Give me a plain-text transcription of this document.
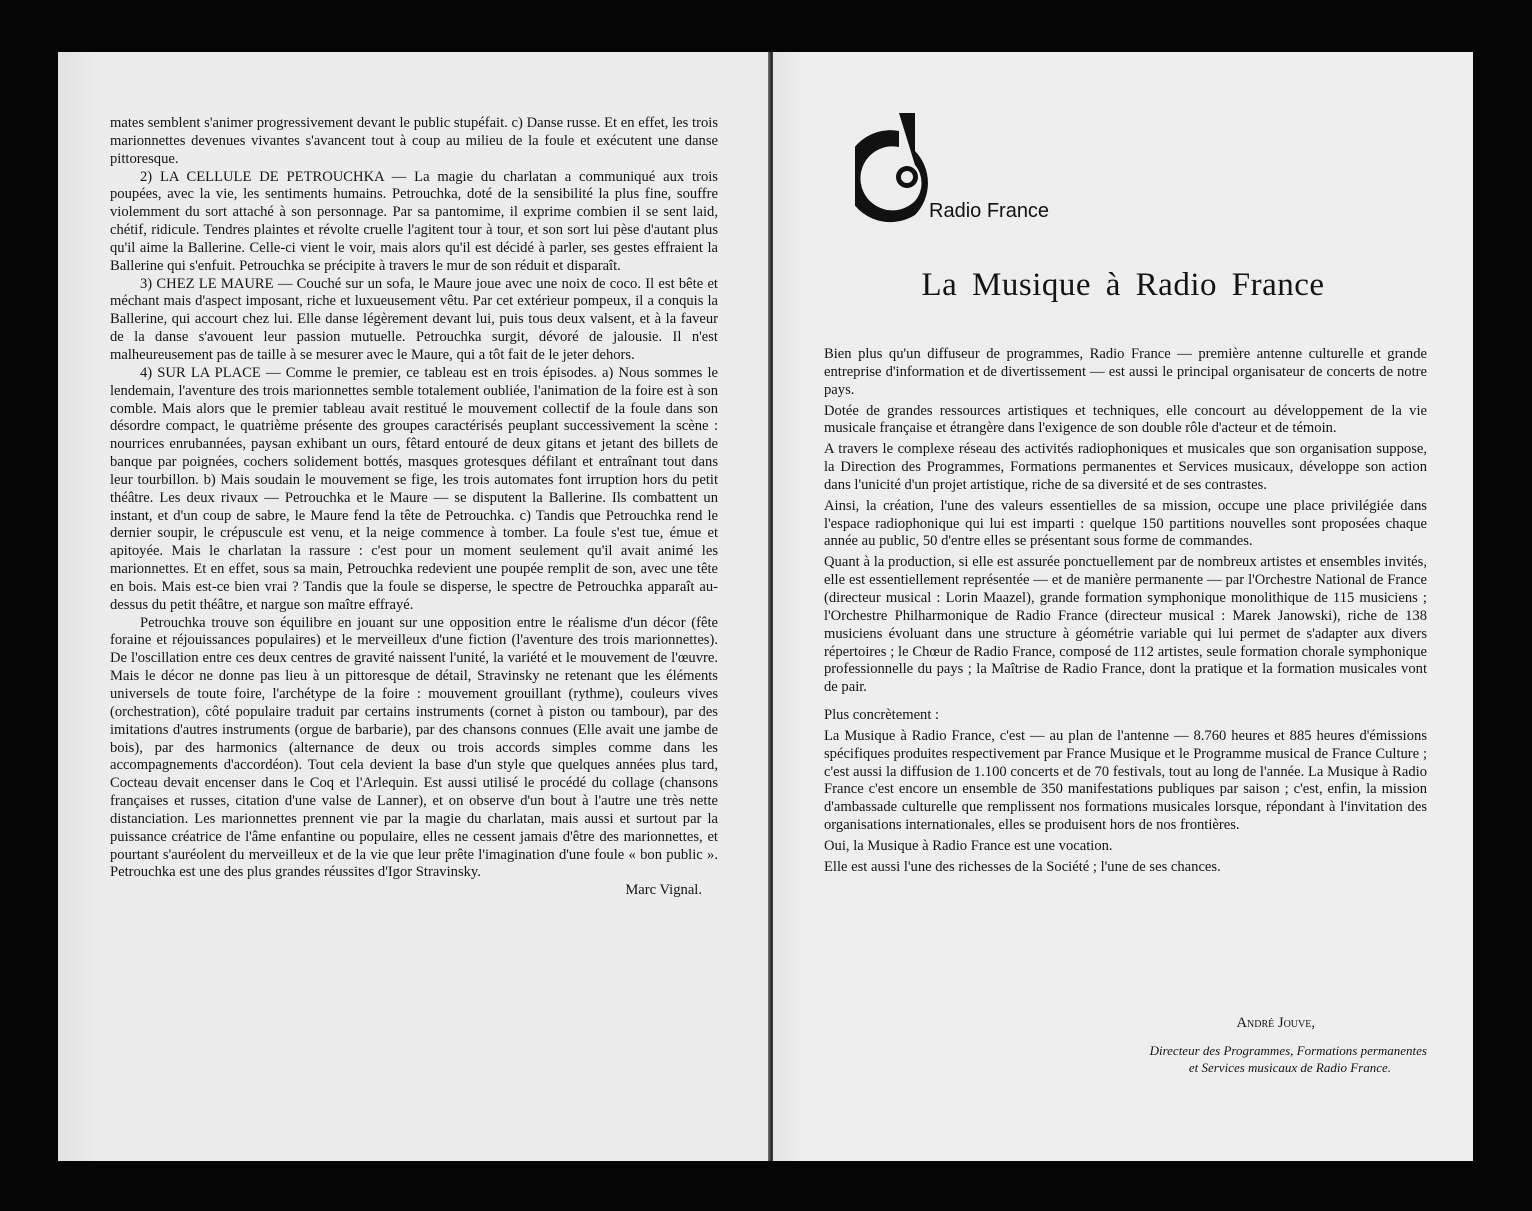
mates semblent s'animer progressivement devant le public stupéfait. c) Danse russe. Et en effet, les trois marionnettes devenues vivantes s'avancent tout à coup au milieu de la foule et exécutent une danse pittoresque.

2) LA CELLULE DE PETROUCHKA — La magie du charlatan a communiqué aux trois poupées, avec la vie, les sentiments humains. Petrouchka, doté de la sensibilité la plus fine, souffre violemment du sort attaché à son personnage. Par sa pantomime, il exprime combien il se sent laid, chétif, ridicule. Tendres plaintes et révolte cruelle l'agitent tour à tour, et son sort lui pèse d'autant plus qu'il aime la Ballerine. Celle-ci vient le voir, mais alors qu'il est décidé à parler, ses gestes effraient la Ballerine qui s'enfuit. Petrouchka se précipite à travers le mur de son réduit et disparaît.

3) CHEZ LE MAURE — Couché sur un sofa, le Maure joue avec une noix de coco. Il est bête et méchant mais d'aspect imposant, riche et luxueusement vêtu. Par cet extérieur pompeux, il a conquis la Ballerine, qui accourt chez lui. Elle danse légèrement devant lui, puis tous deux valsent, et à la faveur de la danse s'avouent leur passion mutuelle. Petrouchka surgit, dévoré de jalousie. Il n'est malheureusement pas de taille à se mesurer avec le Maure, qui a tôt fait de le jeter dehors.

4) SUR LA PLACE — Comme le premier, ce tableau est en trois épisodes. a) Nous sommes le lendemain, l'aventure des trois marionnettes semble totalement oubliée, l'animation de la foire est à son comble. Mais alors que le premier tableau avait restitué le mouvement collectif de la foule dans son désordre compact, le quatrième présente des groupes caractérisés peuplant successivement la scène : nourrices enrubannées, paysan exhibant un ours, fêtard entouré de deux gitans et jetant des billets de banque par poignées, cochers solidement bottés, masques grotesques défilant et entraînant tout dans leur tourbillon. b) Mais soudain le mouvement se fige, les trois automates font irruption hors du petit théâtre. Les deux rivaux — Petrouchka et le Maure — se disputent la Ballerine. Ils combattent un instant, et d'un coup de sabre, le Maure fend la tête de Petrouchka. c) Tandis que Petrouchka rend le dernier soupir, le crépuscule est venu, et la neige commence à tomber. La foule s'est tue, émue et apitoyée. Mais le charlatan la rassure : c'est pour un moment seulement qu'il avait animé les marionnettes. Et en effet, sous sa main, Petrouchka redevient une poupée remplit de son, avec une tête en bois. Mais est-ce bien vrai ? Tandis que la foule se disperse, le spectre de Petrouchka apparaît au-dessus du petit théâtre, et nargue son maître effrayé.

Petrouchka trouve son équilibre en jouant sur une opposition entre le réalisme d'un décor (fête foraine et réjouissances populaires) et le merveilleux d'une fiction (l'aventure des trois marionnettes). De l'oscillation entre ces deux centres de gravité naissent l'unité, la variété et le mouvement de l'œuvre. Mais le décor ne donne pas lieu à un pittoresque de détail, Stravinsky ne retenant que les éléments universels de toute foire, l'archétype de la foire : mouvement grouillant (rythme), couleurs vives (orchestration), côté populaire traduit par certains instruments (cornet à piston ou tambour), par des imitations d'autres instruments (orgue de barbarie), par des chansons connues (Elle avait une jambe de bois), par des harmonics (alternance de deux ou trois accords simples comme dans les accompagnements d'accordéon). Tout cela devient la base d'un style que quelques années plus tard, Cocteau devait encenser dans le Coq et l'Arlequin. Est aussi utilisé le procédé du collage (chansons françaises et russes, citation d'une valse de Lanner), et on observe d'un bout à l'autre une très nette distanciation. Les marionnettes prennent vie par la magie du charlatan, mais aussi et surtout par la puissance créatrice de l'âme enfantine ou populaire, elles ne cessent jamais d'être des marionnettes, et pourtant s'auréolent du merveilleux et de la vie que leur prête l'imagination d'une foule « bon public ». Petrouchka est une des plus grandes réussites d'Igor Stravinsky.

Marc Vignal.

Radio France
La Musique à Radio France

Bien plus qu'un diffuseur de programmes, Radio France — première antenne culturelle et grande entreprise d'information et de divertissement — est aussi le principal organisateur de concerts de notre pays.

Dotée de grandes ressources artistiques et techniques, elle concourt au développement de la vie musicale française et étrangère dans l'exigence de son double rôle d'acteur et de témoin.

A travers le complexe réseau des activités radiophoniques et musicales que son organisation suppose, la Direction des Programmes, Formations permanentes et Services musicaux, développe son action dans l'unicité d'un projet artistique, riche de sa diversité et de ses contrastes.

Ainsi, la création, l'une des valeurs essentielles de sa mission, occupe une place privilégiée dans l'espace radiophonique qui lui est imparti : quelque 150 partitions nouvelles sont proposées chaque année au public, 50 d'entre elles se présentant sous forme de commandes.

Quant à la production, si elle est assurée ponctuellement par de nombreux artistes et ensembles invités, elle est essentiellement représentée — et de manière permanente — par l'Orchestre National de France (directeur musical : Lorin Maazel), grande formation symphonique monolithique de 115 musiciens ; l'Orchestre Philharmonique de Radio France (directeur musical : Marek Janowski), riche de 138 musiciens évoluant dans une structure à géométrie variable qui lui permet de s'adapter aux divers répertoires ; le Chœur de Radio France, composé de 112 artistes, seule formation chorale symphonique professionnelle du pays ; la Maîtrise de Radio France, dont la pratique et la formation musicales vont de pair.

Plus concrètement :

La Musique à Radio France, c'est — au plan de l'antenne — 8.760 heures et 885 heures d'émissions spécifiques produites respectivement par France Musique et le Programme musical de France Culture ; c'est aussi la diffusion de 1.100 concerts et de 70 festivals, tout au long de l'année. La Musique à Radio France c'est encore un ensemble de 350 manifestations publiques par saison ; c'est, enfin, la mission d'ambassade culturelle que remplissent nos formations musicales lorsque, répondant à l'invitation des organisations internationales, elles se produisent hors de nos frontières.

Oui, la Musique à Radio France est une vocation.

Elle est aussi l'une des richesses de la Société ; l'une de ses chances.

André Jouve,
Directeur des Programmes, Formations permanentes
et Services musicaux de Radio France.
